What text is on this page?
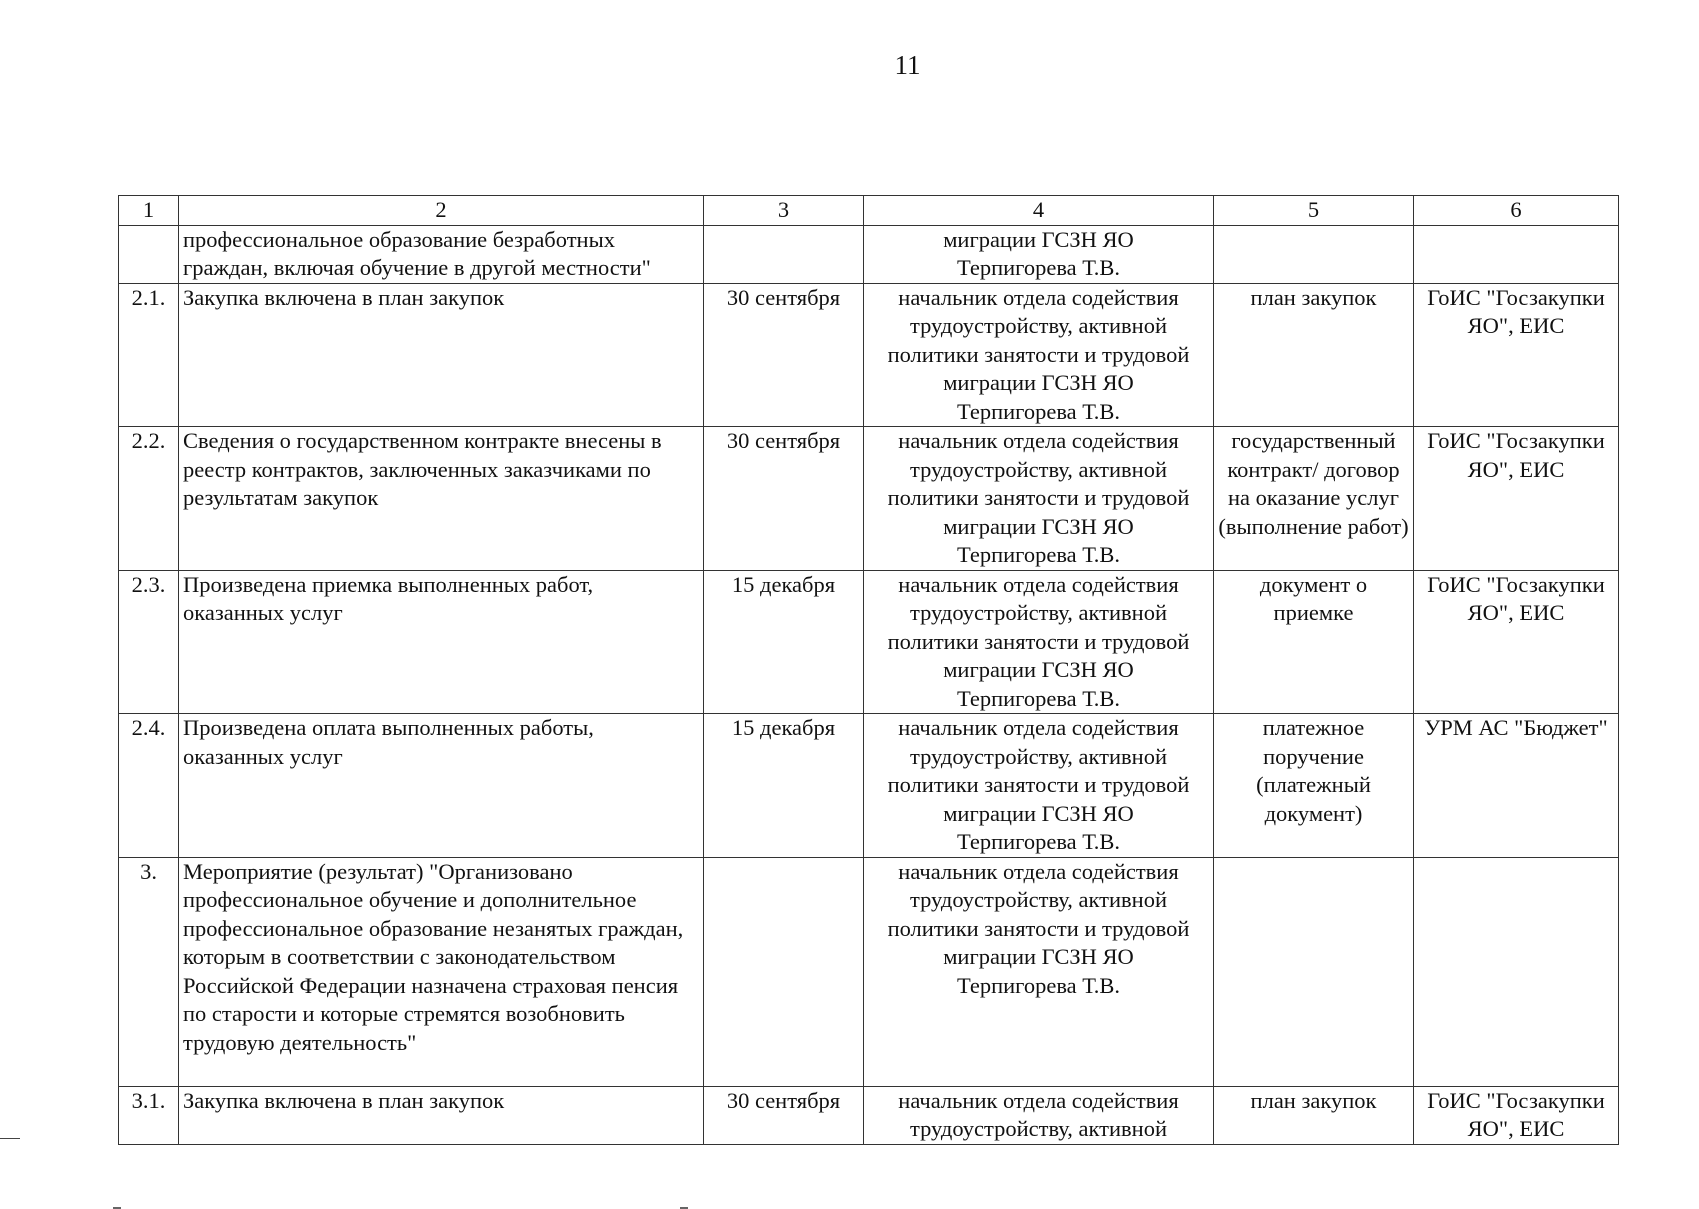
11
1	2	3	4	5	6
	профессиональное образование безработных граждан, включая обучение в другой местности"		миграции ГСЗН ЯО
Терпигорева Т.В.		
2.1.	Закупка включена в план закупок	30 сентября	начальник отдела содействия трудоустройству, активной политики занятости и трудовой миграции ГСЗН ЯО
Терпигорева Т.В.	план закупок	ГоИС "Госзакупки ЯО", ЕИС
2.2.	Сведения о государственном контракте внесены в реестр контрактов, заключенных заказчиками по результатам закупок	30 сентября	начальник отдела содействия трудоустройству, активной политики занятости и трудовой миграции ГСЗН ЯО
Терпигорева Т.В.	государственный контракт/ договор на оказание услуг (выполнение работ)	ГоИС "Госзакупки ЯО", ЕИС
2.3.	Произведена приемка выполненных работ, оказанных услуг	15 декабря	начальник отдела содействия трудоустройству, активной политики занятости и трудовой миграции ГСЗН ЯО
Терпигорева Т.В.	документ о приемке	ГоИС "Госзакупки ЯО", ЕИС
2.4.	Произведена оплата выполненных работы, оказанных услуг	15 декабря	начальник отдела содействия трудоустройству, активной политики занятости и трудовой миграции ГСЗН ЯО
Терпигорева Т.В.	платежное поручение (платежный документ)	УРМ АС "Бюджет"
3.	Мероприятие (результат) "Организовано профессиональное обучение и дополнительное профессиональное образование незанятых граждан, которым в соответствии с законодательством Российской Федерации назначена страховая пенсия по старости и которые стремятся возобновить трудовую деятельность"		начальник отдела содействия трудоустройству, активной политики занятости и трудовой миграции ГСЗН ЯО
Терпигорева Т.В.		
3.1.	Закупка включена в план закупок	30 сентября	начальник отдела содействия трудоустройству, активной	план закупок	ГоИС "Госзакупки ЯО", ЕИС
